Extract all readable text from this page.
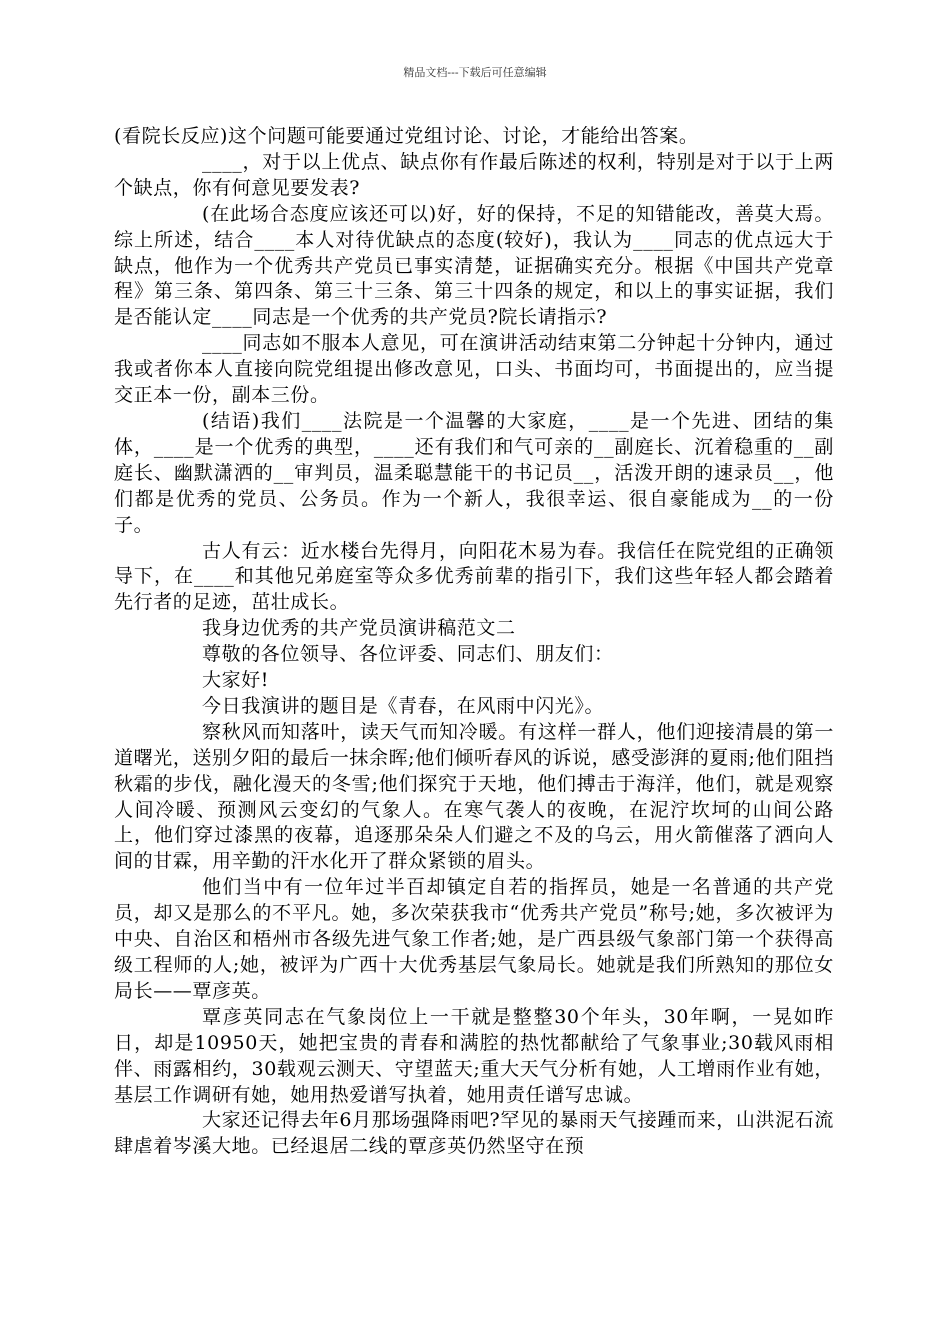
精品文档---下载后可任意编辑

(看院长反应)这个问题可能要通过党组讨论、讨论，才能给出答案。

____，对于以上优点、缺点你有作最后陈述的权利，特别是对于以于上两个缺点，你有何意见要发表?

(在此场合态度应该还可以)好，好的保持，不足的知错能改，善莫大焉。综上所述，结合____本人对待优缺点的态度(较好)，我认为____同志的优点远大于缺点，他作为一个优秀共产党员已事实清楚，证据确实充分。根据《中国共产党章程》第三条、第四条、第三十三条、第三十四条的规定，和以上的事实证据，我们是否能认定____同志是一个优秀的共产党员?院长请指示?

____同志如不服本人意见，可在演讲活动结束第二分钟起十分钟内，通过我或者你本人直接向院党组提出修改意见，口头、书面均可，书面提出的，应当提交正本一份，副本三份。

(结语)我们____法院是一个温馨的大家庭，____是一个先进、团结的集体，____是一个优秀的典型，____还有我们和气可亲的__副庭长、沉着稳重的__副庭长、幽默潇洒的__审判员，温柔聪慧能干的书记员__，活泼开朗的速录员__，他们都是优秀的党员、公务员。作为一个新人，我很幸运、很自豪能成为__的一份子。

古人有云：近水楼台先得月，向阳花木易为春。我信任在院党组的正确领导下，在____和其他兄弟庭室等众多优秀前辈的指引下，我们这些年轻人都会踏着先行者的足迹，茁壮成长。

我身边优秀的共产党员演讲稿范文二

尊敬的各位领导、各位评委、同志们、朋友们：

大家好!

今日我演讲的题目是《青春，在风雨中闪光》。

察秋风而知落叶，读天气而知冷暖。有这样一群人，他们迎接清晨的第一道曙光，送别夕阳的最后一抹余晖;他们倾听春风的诉说，感受澎湃的夏雨;他们阻挡秋霜的步伐，融化漫天的冬雪;他们探究于天地，他们搏击于海洋，他们，就是观察人间冷暖、预测风云变幻的气象人。在寒气袭人的夜晚，在泥泞坎坷的山间公路上，他们穿过漆黑的夜幕，追逐那朵朵人们避之不及的乌云，用火箭催落了洒向人间的甘霖，用辛勤的汗水化开了群众紧锁的眉头。

他们当中有一位年过半百却镇定自若的指挥员，她是一名普通的共产党员，却又是那么的不平凡。她，多次荣获我市“优秀共产党员”称号;她，多次被评为中央、自治区和梧州市各级先进气象工作者;她，是广西县级气象部门第一个获得高级工程师的人;她，被评为广西十大优秀基层气象局长。她就是我们所熟知的那位女局长——覃彦英。

覃彦英同志在气象岗位上一干就是整整30个年头，30年啊，一晃如昨日，却是10950天，她把宝贵的青春和满腔的热忱都献给了气象事业;30载风雨相伴、雨露相约，30载观云测天、守望蓝天;重大天气分析有她，人工增雨作业有她，基层工作调研有她，她用热爱谱写执着，她用责任谱写忠诚。

大家还记得去年6月那场强降雨吧?罕见的暴雨天气接踵而来，山洪泥石流肆虐着岑溪大地。已经退居二线的覃彦英仍然坚守在预
